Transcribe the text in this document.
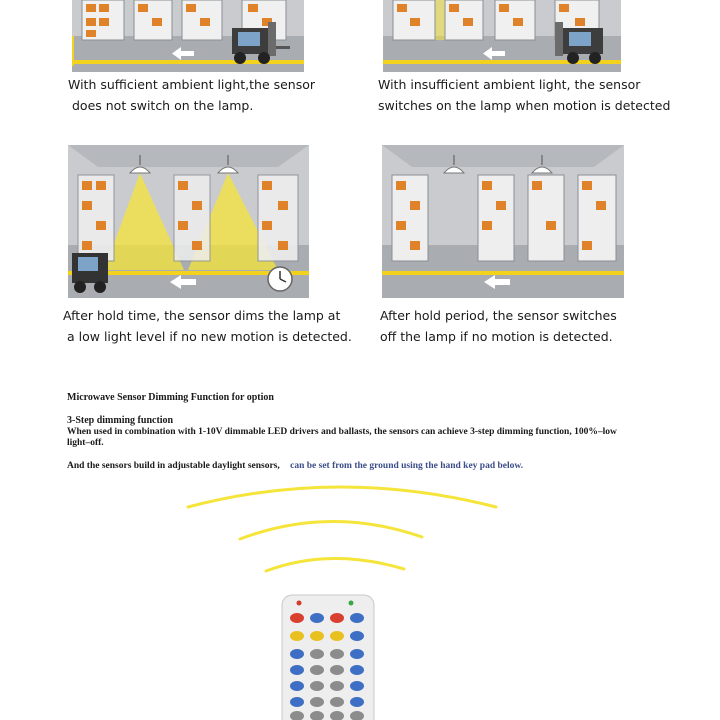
With sufficient ambient light,the sensor
does not switch on the lamp.
With insufficient ambient light, the sensor
switches on the lamp when motion is detected
After hold time, the sensor dims the lamp at
a low light level if no new motion is detected.
After hold period, the sensor switches
off the lamp if no motion is detected.
Microwave Sensor Dimming Function for option
3-Step dimming function
When used in combination with 1-10V dimmable LED drivers and ballasts, the sensors can achieve 3-step dimming function, 100%–low
light–off.
And the sensors build in adjustable daylight sensors, can be set from the ground using the hand key pad below.
